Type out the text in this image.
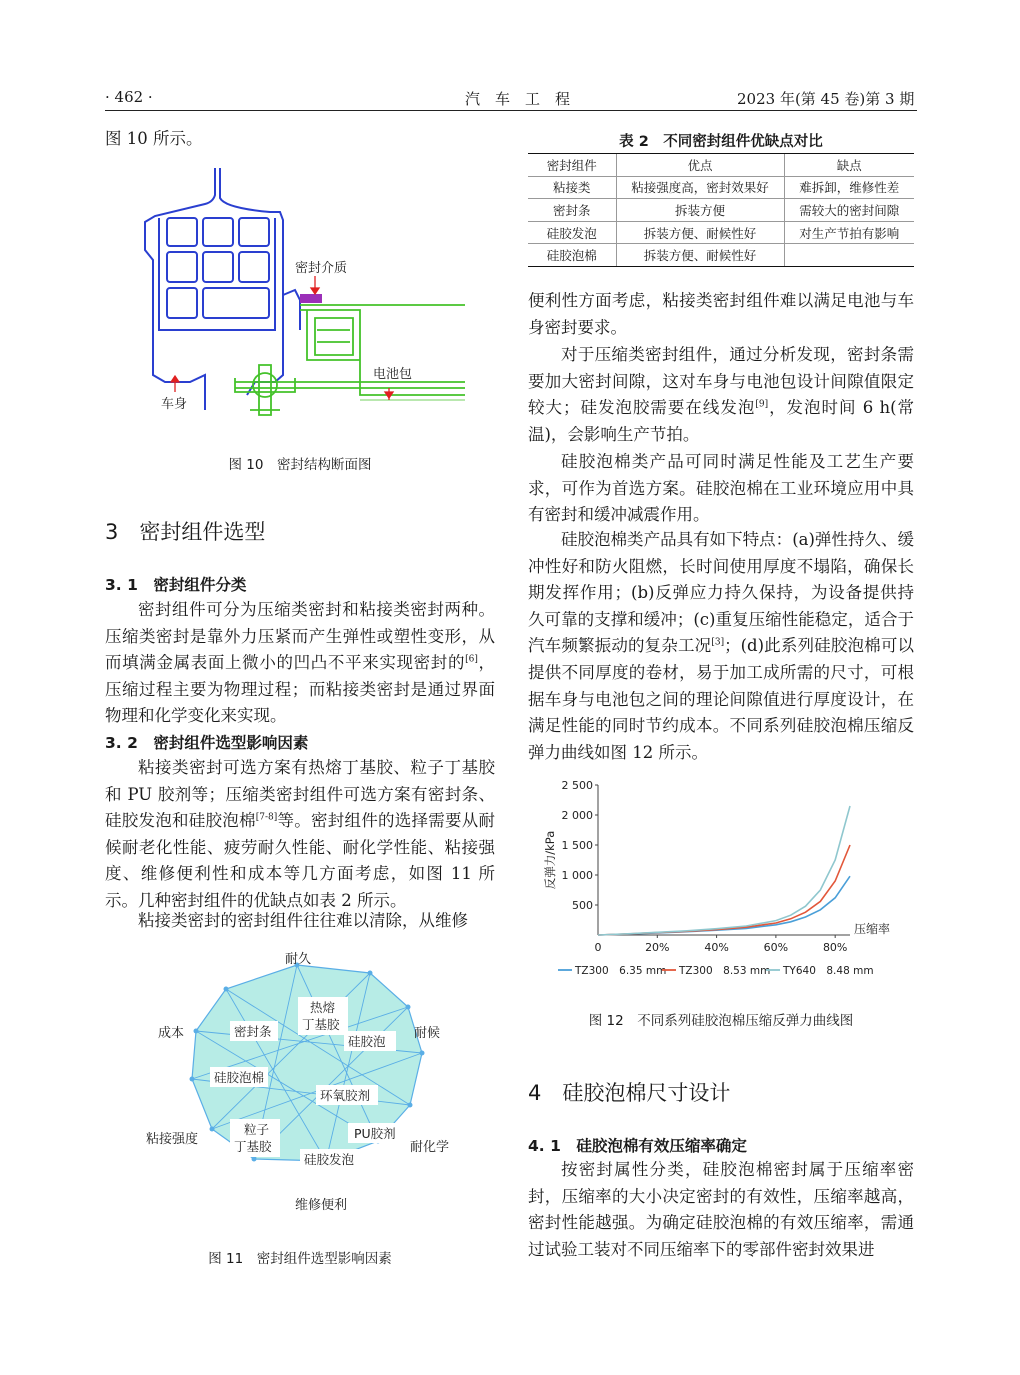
· 462 ·	汽　车　工　程	2023 年(第 45 卷)第 3 期
图 10 所示。
密封介质
电池包
车身
图 10　密封结构断面图
3　密封组件选型
3. 1　密封组件分类
密封组件可分为压缩类密封和粘接类密封两种。压缩类密封是靠外力压紧而产生弹性或塑性变形，从而填满金属表面上微小的凹凸不平来实现密封的[6]，压缩过程主要为物理过程；而粘接类密封是通过界面物理和化学变化来实现。
3. 2　密封组件选型影响因素
粘接类密封可选方案有热熔丁基胶、粒子丁基胶和 PU 胶剂等；压缩类密封组件可选方案有密封条、硅胶发泡和硅胶泡棉[7-8]等。密封组件的选择需要从耐候耐老化性能、疲劳耐久性能、耐化学性能、粘接强度、维修便利性和成本等几方面考虑，如图 11 所示。几种密封组件的优缺点如表 2 所示。
粘接类密封的密封组件往往难以清除，从维修
耐久
耐候
耐化学
维修便利
粘接强度
成本	密封条
热熔
丁基胶
硅胶泡
硅胶泡棉
环氧胶剂
粒子
丁基胶
PU胶剂
硅胶发泡
图 11　密封组件选型影响因素
表 2　不同密封组件优缺点对比
密封组件	优点	缺点
粘接类	粘接强度高，密封效果好	难拆卸，维修性差
密封条	拆装方便	需较大的密封间隙
硅胶发泡	拆装方便、耐候性好	对生产节拍有影响
硅胶泡棉	拆装方便、耐候性好	
便利性方面考虑，粘接类密封组件难以满足电池与车身密封要求。
对于压缩类密封组件，通过分析发现，密封条需要加大密封间隙，这对车身与电池包设计间隙值限定较大；硅发泡胶需要在线发泡[9]，发泡时间 6 h(常温)，会影响生产节拍。
硅胶泡棉类产品可同时满足性能及工艺生产要求，可作为首选方案。硅胶泡棉在工业环境应用中具有密封和缓冲减震作用。
硅胶泡棉类产品具有如下特点：(a)弹性持久、缓冲性好和防火阻燃，长时间使用厚度不塌陷，确保长期发挥作用；(b)反弹应力持久保持，为设备提供持久可靠的支撑和缓冲；(c)重复压缩性能稳定，适合于汽车频繁振动的复杂工况[3]；(d)此系列硅胶泡棉可以提供不同厚度的卷材，易于加工成所需的尺寸，可根据车身与电池包之间的理论间隙值进行厚度设计，在满足性能的同时节约成本。不同系列硅胶泡棉压缩反弹力曲线如图 12 所示。
500
1 000
1 500
2 000
2 500
0	20%	40%	60%	80%
反弹力/kPa
压缩率
TZ300　6.35 mm TZ300　8.53 mm TY640　8.48 mm
图 12　不同系列硅胶泡棉压缩反弹力曲线图
4　硅胶泡棉尺寸设计
4. 1　硅胶泡棉有效压缩率确定
按密封属性分类，硅胶泡棉密封属于压缩率密封，压缩率的大小决定密封的有效性，压缩率越高，密封性能越强。为确定硅胶泡棉的有效压缩率，需通过试验工装对不同压缩率下的零部件密封效果进
